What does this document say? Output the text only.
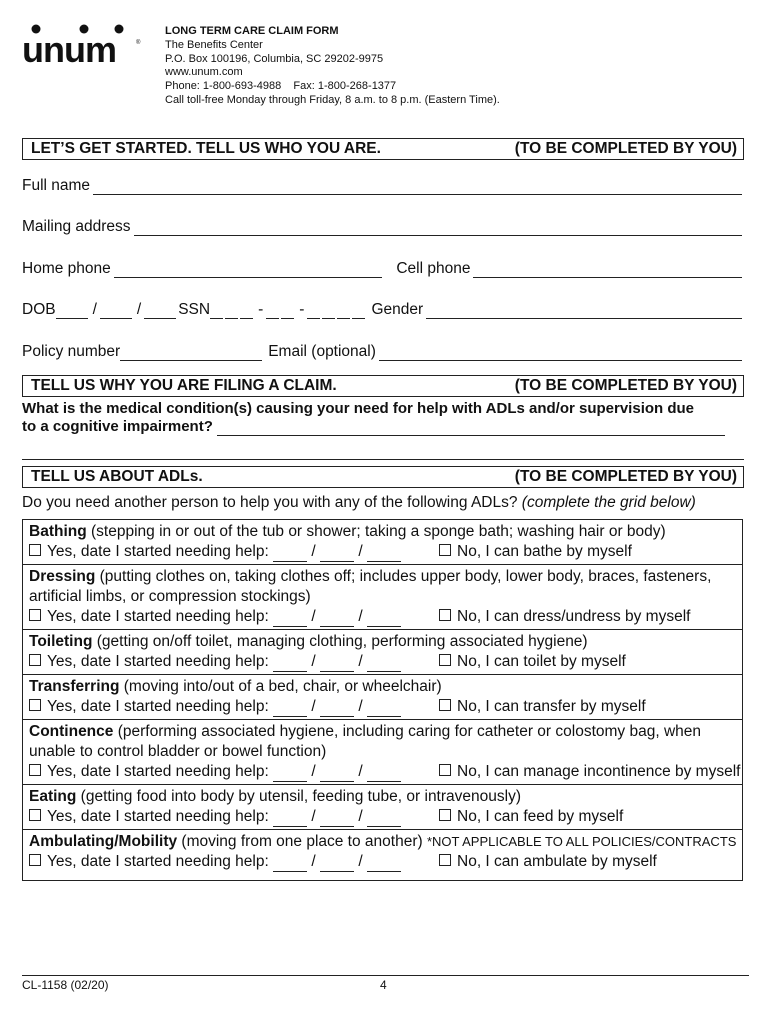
unum	®
LONG TERM CARE CLAIM FORM
The Benefits Center
P.O. Box 100196, Columbia, SC 29202-9975
www.unum.com
Phone: 1-800-693-4988    Fax: 1-800-268-1377
Call toll-free Monday through Friday, 8 a.m. to 8 p.m. (Eastern Time).
LET’S GET STARTED. TELL US WHO YOU ARE.	(TO BE COMPLETED BY YOU)
Full name
Mailing address
Home phone	Cell phone
DOB /	/ SSN	- -	Gender
Policy number	Email (optional)
TELL US WHY YOU ARE FILING A CLAIM.	(TO BE COMPLETED BY YOU)
What is the medical condition(s) causing your need for help with ADLs and/or supervision due
to a cognitive impairment?
TELL US ABOUT ADLs.	(TO BE COMPLETED BY YOU)
Do you need another person to help you with any of the following ADLs? (complete the grid below)
Bathing (stepping in or out of the tub or shower; taking a sponge bath; washing hair or body)
Yes, date I started needing help:	/	/	No, I can bathe by myself
Dressing (putting clothes on, taking clothes off; includes upper body, lower body, braces, fasteners, artificial limbs, or compression stockings)
Yes, date I started needing help:	/	/	No, I can dress/undress by myself
Toileting (getting on/off toilet, managing clothing, performing associated hygiene)
Yes, date I started needing help:	/	/	No, I can toilet by myself
Transferring (moving into/out of a bed, chair, or wheelchair)
Yes, date I started needing help:	/	/	No, I can transfer by myself
Continence (performing associated hygiene, including caring for catheter or colostomy bag, when unable to control bladder or bowel function)
Yes, date I started needing help:	/	/	No, I can manage incontinence by myself
Eating (getting food into body by utensil, feeding tube, or intravenously)
Yes, date I started needing help:	/	/	No, I can feed by myself
Ambulating/Mobility (moving from one place to another) *NOT APPLICABLE TO ALL POLICIES/CONTRACTS
Yes, date I started needing help:	/	/	No, I can ambulate by myself
CL-1158 (02/20)	4
